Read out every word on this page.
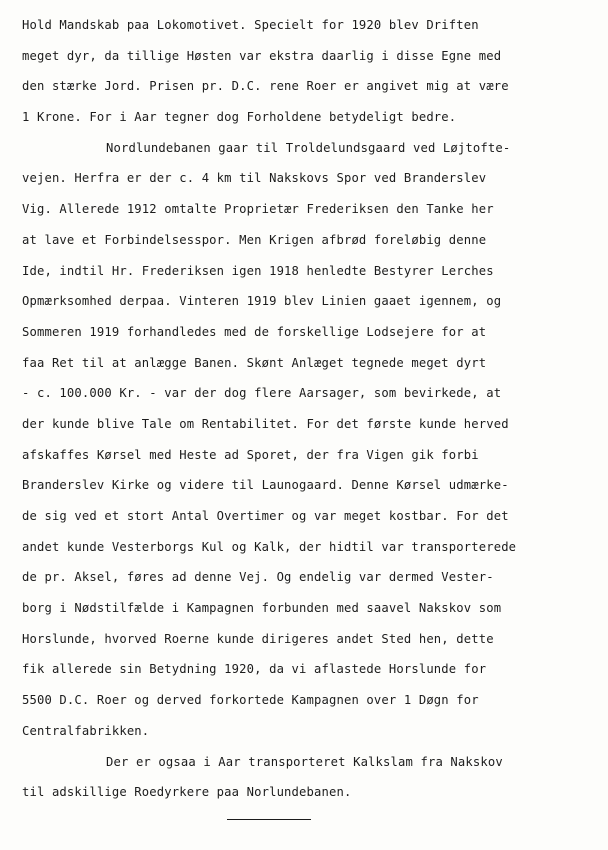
Hold Mandskab paa Lokomotivet. Specielt for 1920 blev Driften
meget dyr, da tillige Høsten var ekstra daarlig i disse Egne med
den stærke Jord. Prisen pr. D.C. rene Roer er angivet mig at være
1 Krone. For i Aar tegner dog Forholdene betydeligt bedre.
Nordlundebanen gaar til Troldelundsgaard ved Løjtofte-
vejen. Herfra er der c. 4 km til Nakskovs Spor ved Branderslev
Vig. Allerede 1912 omtalte Proprietær Frederiksen den Tanke her
at lave et Forbindelsesspor. Men Krigen afbrød foreløbig denne
Ide, indtil Hr. Frederiksen igen 1918 henledte Bestyrer Lerches
Opmærksomhed derpaa. Vinteren 1919 blev Linien gaaet igennem, og
Sommeren 1919 forhandledes med de forskellige Lodsejere for at
faa Ret til at anlægge Banen. Skønt Anlæget tegnede meget dyrt
- c. 100.000 Kr. - var der dog flere Aarsager, som bevirkede, at
der kunde blive Tale om Rentabilitet. For det første kunde herved
afskaffes Kørsel med Heste ad Sporet, der fra Vigen gik forbi
Branderslev Kirke og videre til Launogaard. Denne Kørsel udmærke-
de sig ved et stort Antal Overtimer og var meget kostbar. For det
andet kunde Vesterborgs Kul og Kalk, der hidtil var transporterede
de pr. Aksel, føres ad denne Vej. Og endelig var dermed Vester-
borg i Nødstilfælde i Kampagnen forbunden med saavel Nakskov som
Horslunde, hvorved Roerne kunde dirigeres andet Sted hen, dette
fik allerede sin Betydning 1920, da vi aflastede Horslunde for
5500 D.C. Roer og derved forkortede Kampagnen over 1 Døgn for
Centralfabrikken.
Der er ogsaa i Aar transporteret Kalkslam fra Nakskov
til adskillige Roedyrkere paa Norlundebanen.
